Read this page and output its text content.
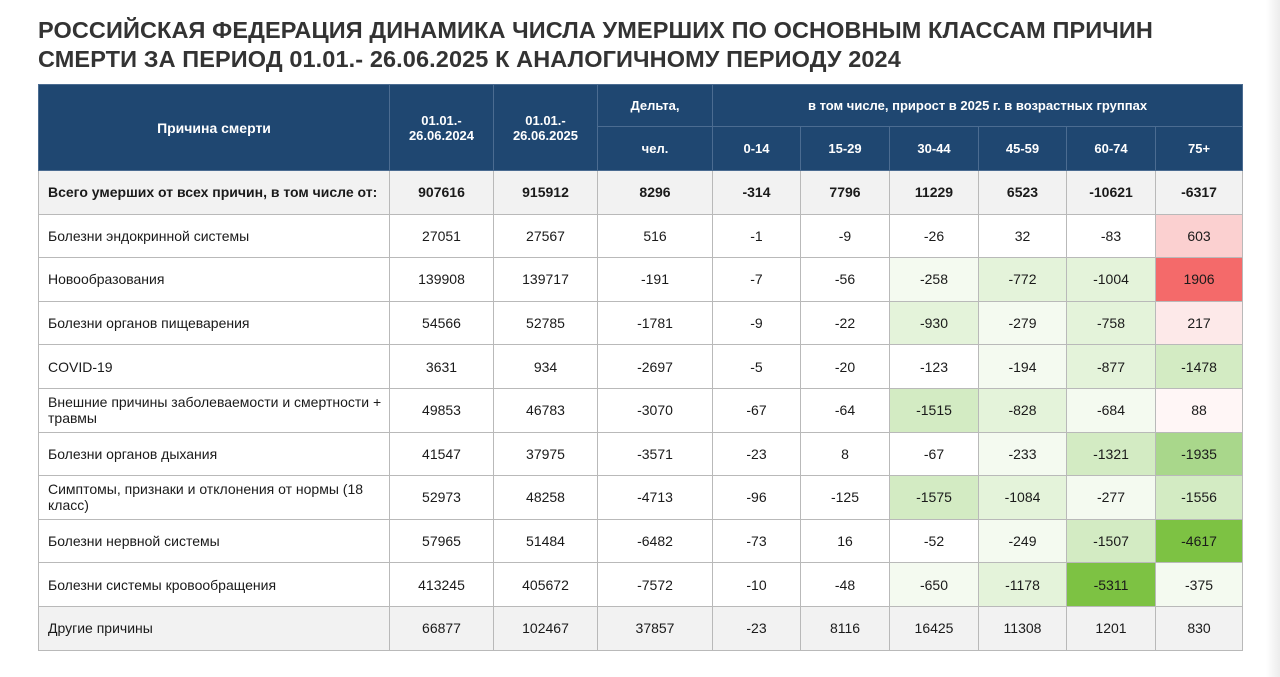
РОССИЙСКАЯ ФЕДЕРАЦИЯ ДИНАМИКА ЧИСЛА УМЕРШИХ ПО ОСНОВНЫМ КЛАССАМ ПРИЧИН СМЕРТИ ЗА ПЕРИОД 01.01.- 26.06.2025 К АНАЛОГИЧНОМУ ПЕРИОДУ 2024
Причина смерти	01.01.- 26.06.2024	01.01.- 26.06.2025	Дельта,	в том числе, прирост в 2025 г. в возрастных группах					
			чел.	0-14	15-29	30-44	45-59	60-74	75+
Всего умерших от всех причин, в том числе от:	907616	915912	8296	-314	7796	11229	6523	-10621	-6317
Болезни эндокринной системы	27051	27567	516	-1	-9	-26	32	-83	603
Новообразования	139908	139717	-191	-7	-56	-258	-772	-1004	1906
Болезни органов пищеварения	54566	52785	-1781	-9	-22	-930	-279	-758	217
COVID-19	3631	934	-2697	-5	-20	-123	-194	-877	-1478
Внешние причины заболеваемости и смертности + травмы	49853	46783	-3070	-67	-64	-1515	-828	-684	88
Болезни органов дыхания	41547	37975	-3571	-23	8	-67	-233	-1321	-1935
Симптомы, признаки и отклонения от нормы (18 класс)	52973	48258	-4713	-96	-125	-1575	-1084	-277	-1556
Болезни нервной системы	57965	51484	-6482	-73	16	-52	-249	-1507	-4617
Болезни системы кровообращения	413245	405672	-7572	-10	-48	-650	-1178	-5311	-375
Другие причины	66877	102467	37857	-23	8116	16425	11308	1201	830
